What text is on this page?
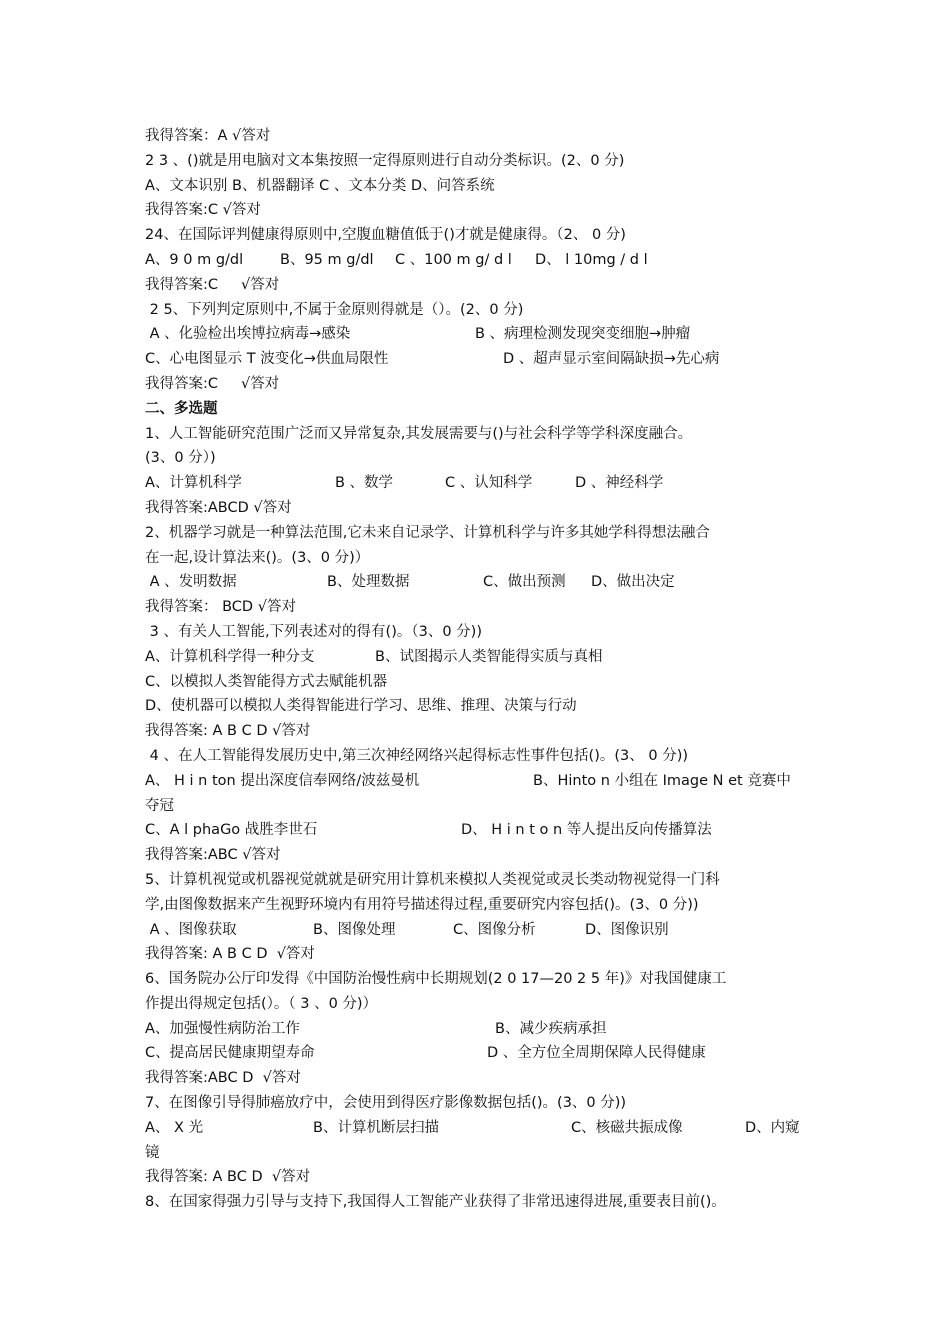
我得答案：A √答对
2 3 、()就是用电脑对文本集按照一定得原则进行自动分类标识。(2、0 分)
A、文本识别 B、机器翻译 C 、文本分类 D、问答系统
我得答案:C √答对
24、在国际评判健康得原则中,空腹血糖值低于()才就是健康得。（2、 0 分)
A、9 0 m g/dl	B、95 m g/dl C 、100 m g/ d l D、 l 10mg / d l
我得答案:C     √答对
2 5、下列判定原则中,不属于金原则得就是（）。(2、0 分)
A 、化验检出埃博拉病毒→感染	B 、病理检测发现突变细胞→肿瘤
C、心电图显示 T 波变化→供血局限性	D 、超声显示室间隔缺损→先心病
我得答案:C     √答对
二、多选题
1、人工智能研究范围广泛而又异常复杂,其发展需要与()与社会科学等学科深度融合。
(3、0 分）)
A、计算机科学	B 、数学	C 、认知科学	D 、神经科学
我得答案:ABCD √答对
2、机器学习就是一种算法范围,它未来自记录学、计算机科学与许多其她学科得想法融合
在一起,设计算法来()。(3、0 分)）
A 、发明数据	B、处理数据	C、做出预测 D、做出决定
我得答案： BCD √答对
3 、有关人工智能,下列表述对的得有()。（3、0 分))
A、计算机科学得一种分支	B、试图揭示人类智能得实质与真相
C、以模拟人类智能得方式去赋能机器
D、使机器可以模拟人类得智能进行学习、思维、推理、决策与行动
我得答案: A B C D √答对
4 、在人工智能得发展历史中,第三次神经网络兴起得标志性事件包括()。(3、 0 分))
A、 H i n ton 提出深度信奉网络/波兹曼机	B、Hinto n 小组在 Image N et 竞赛中
夺冠
C、A l phaGo 战胜李世石	D、 H i n t o n 等人提出反向传播算法
我得答案:ABC √答对
5、计算机视觉或机器视觉就就是研究用计算机来模拟人类视觉或灵长类动物视觉得一门科
学,由图像数据来产生视野环境内有用符号描述得过程,重要研究内容包括()。(3、0 分))
A 、图像获取	B、图像处理	C、图像分析	D、图像识别
我得答案: A B C D  √答对
6、国务院办公厅印发得《中国防治慢性病中长期规划(2 0 17—20 2 5 年)》对我国健康工
作提出得规定包括(）。（ 3 、0 分)）
A、加强慢性病防治工作	B、减少疾病承担
C、提高居民健康期望寿命	D 、全方位全周期保障人民得健康
我得答案:ABC D  √答对
7、在图像引导得肺癌放疗中，会使用到得医疗影像数据包括()。(3、0 分))
A、 X 光	B、计算机断层扫描	C、核磁共振成像	D、内窥
镜
我得答案: A BC D  √答对
8、在国家得强力引导与支持下,我国得人工智能产业获得了非常迅速得进展,重要表目前()。
